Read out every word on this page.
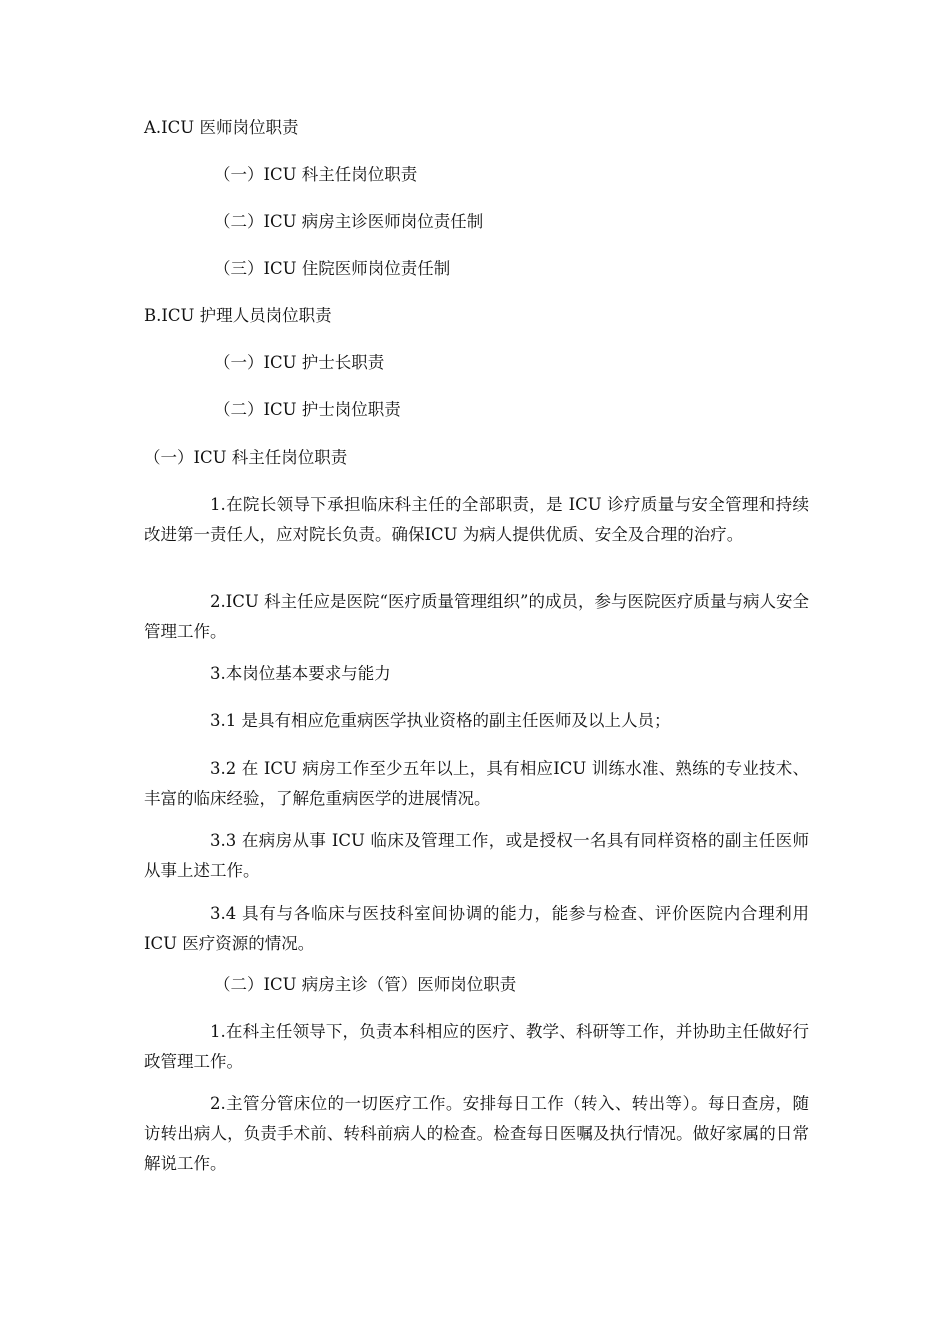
A.ICU 医师岗位职责
（一）ICU 科主任岗位职责
（二）ICU 病房主诊医师岗位责任制
（三）ICU 住院医师岗位责任制
B.ICU 护理人员岗位职责
（一）ICU 护士长职责
（二）ICU 护士岗位职责
（一）ICU 科主任岗位职责
1.在院长领导下承担临床科主任的全部职责，是 ICU 诊疗质量与安全管理和持续改进第一责任人，应对院长负责。确保ICU 为病人提供优质、安全及合理的治疗。
2.ICU 科主任应是医院“医疗质量管理组织”的成员，参与医院医疗质量与病人安全管理工作。
3.本岗位基本要求与能力
3.1 是具有相应危重病医学执业资格的副主任医师及以上人员；
3.2 在 ICU 病房工作至少五年以上，具有相应ICU 训练水准、熟练的专业技术、丰富的临床经验，了解危重病医学的进展情况。
3.3 在病房从事 ICU 临床及管理工作，或是授权一名具有同样资格的副主任医师从事上述工作。
3.4 具有与各临床与医技科室间协调的能力，能参与检查、评价医院内合理利用 ICU 医疗资源的情况。
（二）ICU 病房主诊（管）医师岗位职责
1.在科主任领导下，负责本科相应的医疗、教学、科研等工作，并协助主任做好行政管理工作。
2.主管分管床位的一切医疗工作。安排每日工作（转入、转出等）。每日查房，随访转出病人，负责手术前、转科前病人的检查。检查每日医嘱及执行情况。做好家属的日常解说工作。
